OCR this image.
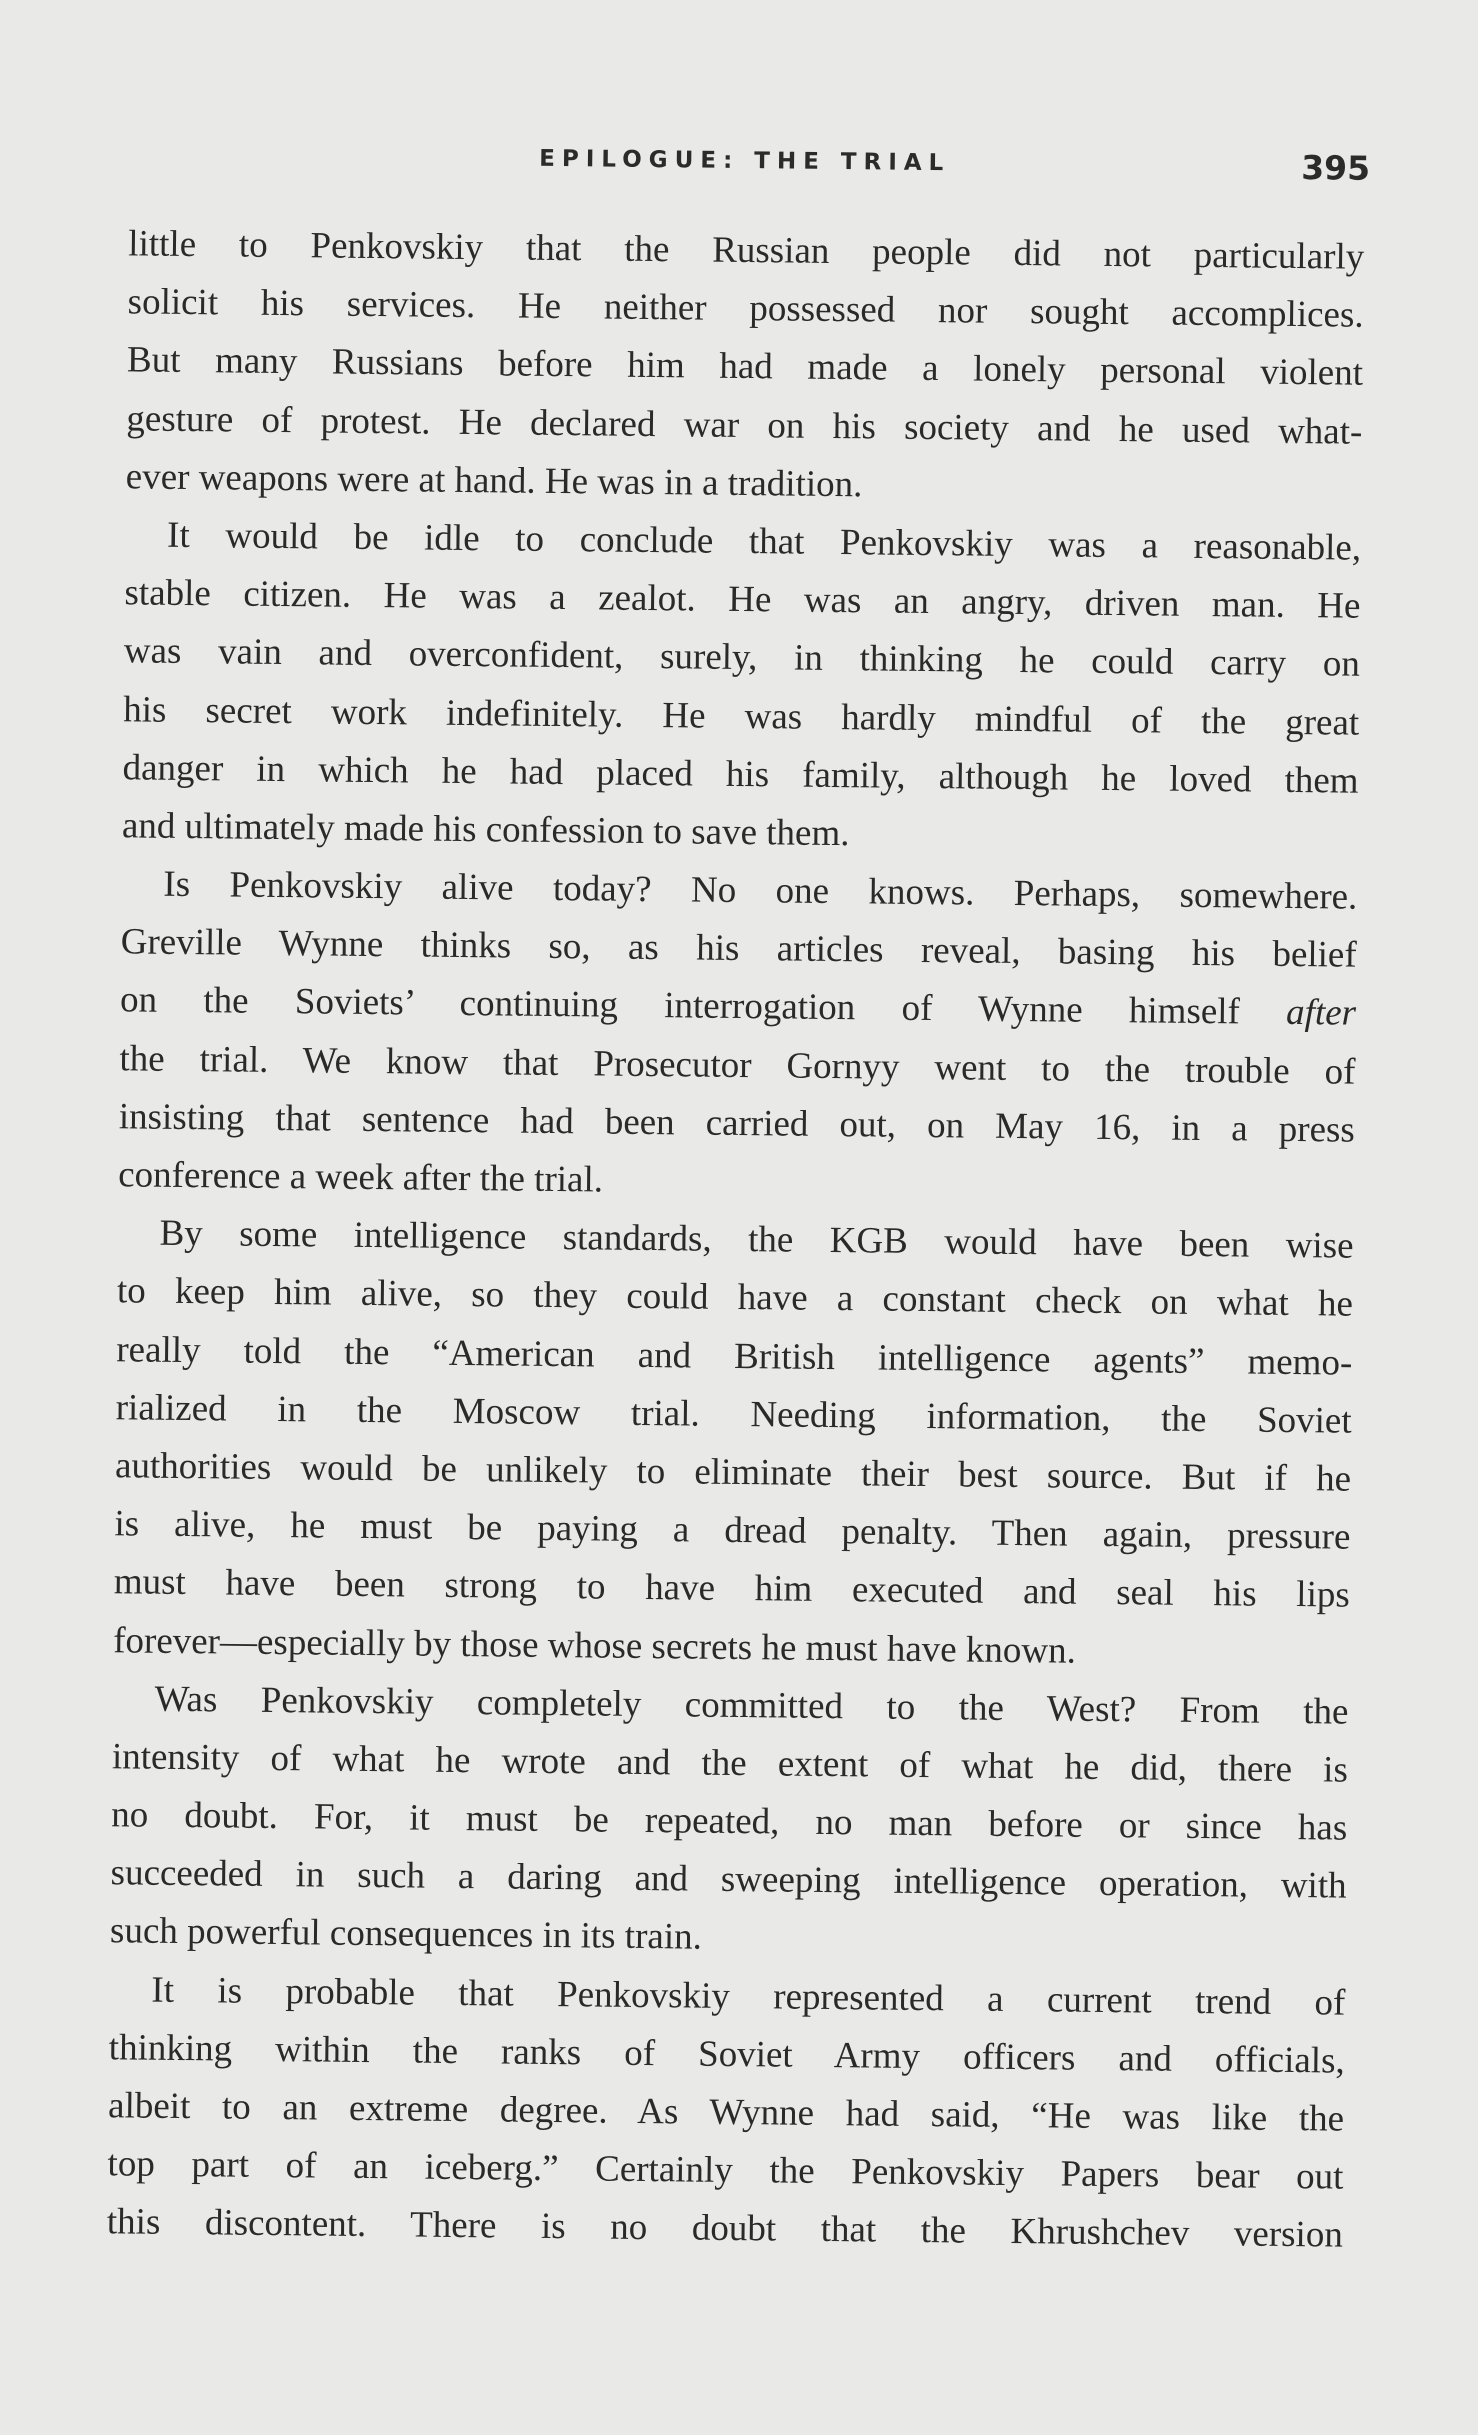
EPILOGUE: THE TRIAL	395
little to Penkovskiy that the Russian people did not particularly
solicit his services. He neither possessed nor sought accomplices.
But many Russians before him had made a lonely personal violent
gesture of protest. He declared war on his society and he used what-
ever weapons were at hand. He was in a tradition.
It would be idle to conclude that Penkovskiy was a reasonable,
stable citizen. He was a zealot. He was an angry, driven man. He
was vain and overconfident, surely, in thinking he could carry on
his secret work indefinitely. He was hardly mindful of the great
danger in which he had placed his family, although he loved them
and ultimately made his confession to save them.
Is Penkovskiy alive today? No one knows. Perhaps, somewhere.
Greville Wynne thinks so, as his articles reveal, basing his belief
on the Soviets’ continuing interrogation of Wynne himself after
the trial. We know that Prosecutor Gornyy went to the trouble of
insisting that sentence had been carried out, on May 16, in a press
conference a week after the trial.
By some intelligence standards, the KGB would have been wise
to keep him alive, so they could have a constant check on what he
really told the “American and British intelligence agents” memo-
rialized in the Moscow trial. Needing information, the Soviet
authorities would be unlikely to eliminate their best source. But if he
is alive, he must be paying a dread penalty. Then again, pressure
must have been strong to have him executed and seal his lips
forever—especially by those whose secrets he must have known.
Was Penkovskiy completely committed to the West? From the
intensity of what he wrote and the extent of what he did, there is
no doubt. For, it must be repeated, no man before or since has
succeeded in such a daring and sweeping intelligence operation, with
such powerful consequences in its train.
It is probable that Penkovskiy represented a current trend of
thinking within the ranks of Soviet Army officers and officials,
albeit to an extreme degree. As Wynne had said, “He was like the
top part of an iceberg.” Certainly the Penkovskiy Papers bear out
this discontent. There is no doubt that the Khrushchev version
